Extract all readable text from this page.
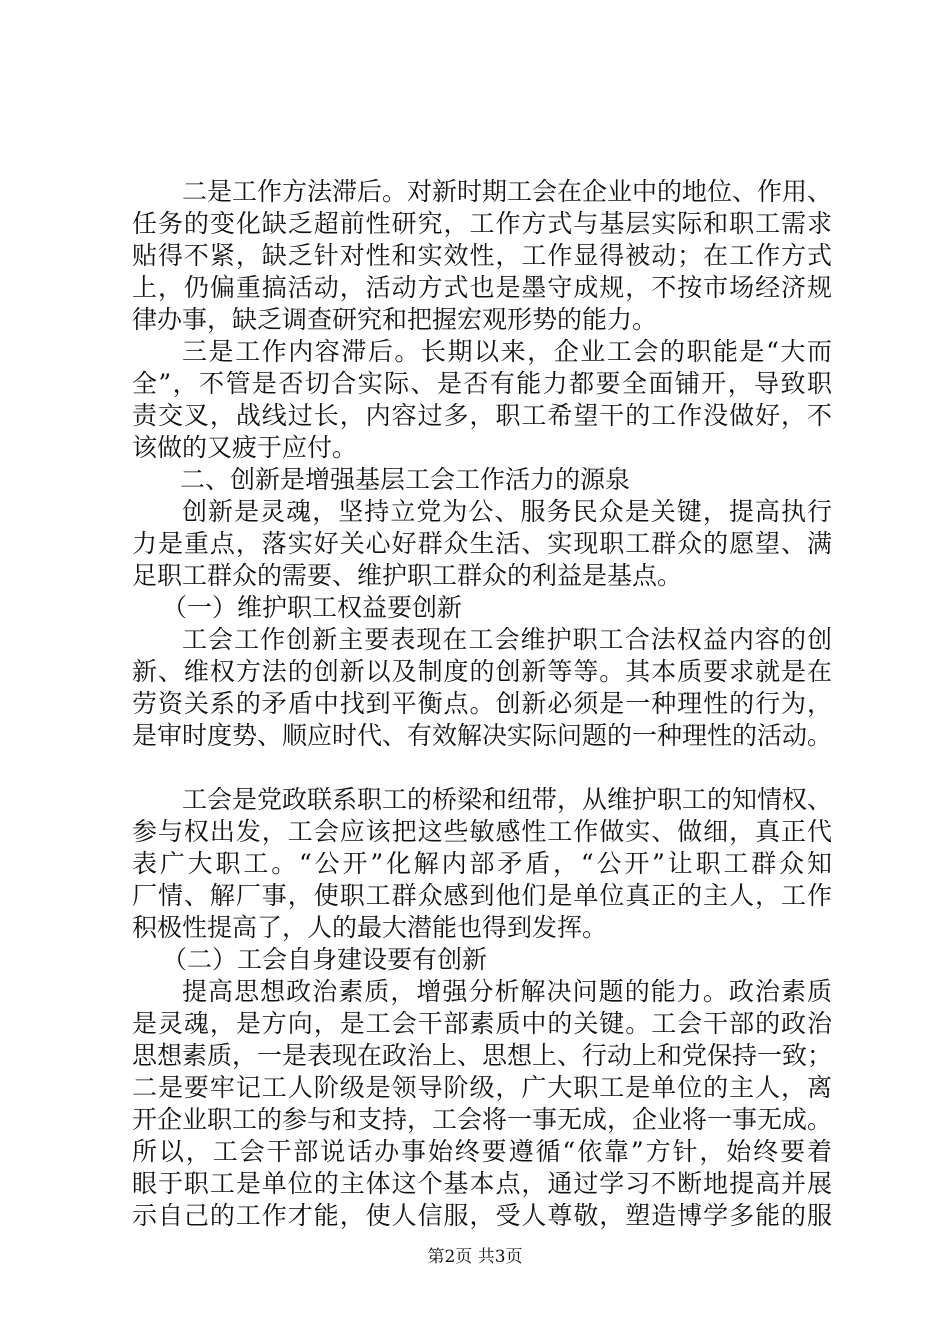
二是工作方法滞后。对新时期工会在企业中的地位、作用、
任务的变化缺乏超前性研究，工作方式与基层实际和职工需求
贴得不紧，缺乏针对性和实效性，工作显得被动；在工作方式
上，仍偏重搞活动，活动方式也是墨守成规，不按市场经济规
律办事，缺乏调查研究和把握宏观形势的能力。
三是工作内容滞后。长期以来，企业工会的职能是“大而
全”，不管是否切合实际、是否有能力都要全面铺开，导致职
责交叉，战线过长，内容过多，职工希望干的工作没做好，不
该做的又疲于应付。
二、创新是增强基层工会工作活力的源泉
创新是灵魂，坚持立党为公、服务民众是关键，提高执行
力是重点，落实好关心好群众生活、实现职工群众的愿望、满
足职工群众的需要、维护职工群众的利益是基点。
（一）维护职工权益要创新
工会工作创新主要表现在工会维护职工合法权益内容的创
新、维权方法的创新以及制度的创新等等。其本质要求就是在
劳资关系的矛盾中找到平衡点。创新必须是一种理性的行为，
是审时度势、顺应时代、有效解决实际问题的一种理性的活动。
工会是党政联系职工的桥梁和纽带，从维护职工的知情权、
参与权出发，工会应该把这些敏感性工作做实、做细，真正代
表广大职工。“公开”化解内部矛盾，“公开”让职工群众知
厂情、解厂事，使职工群众感到他们是单位真正的主人，工作
积极性提高了，人的最大潜能也得到发挥。
（二）工会自身建设要有创新
提高思想政治素质，增强分析解决问题的能力。政治素质
是灵魂，是方向，是工会干部素质中的关键。工会干部的政治
思想素质，一是表现在政治上、思想上、行动上和党保持一致；
二是要牢记工人阶级是领导阶级，广大职工是单位的主人，离
开企业职工的参与和支持，工会将一事无成，企业将一事无成。
所以，工会干部说话办事始终要遵循“依靠”方针，始终要着
眼于职工是单位的主体这个基本点，通过学习不断地提高并展
示自己的工作才能，使人信服，受人尊敬，塑造博学多能的服
第2页 共3页
